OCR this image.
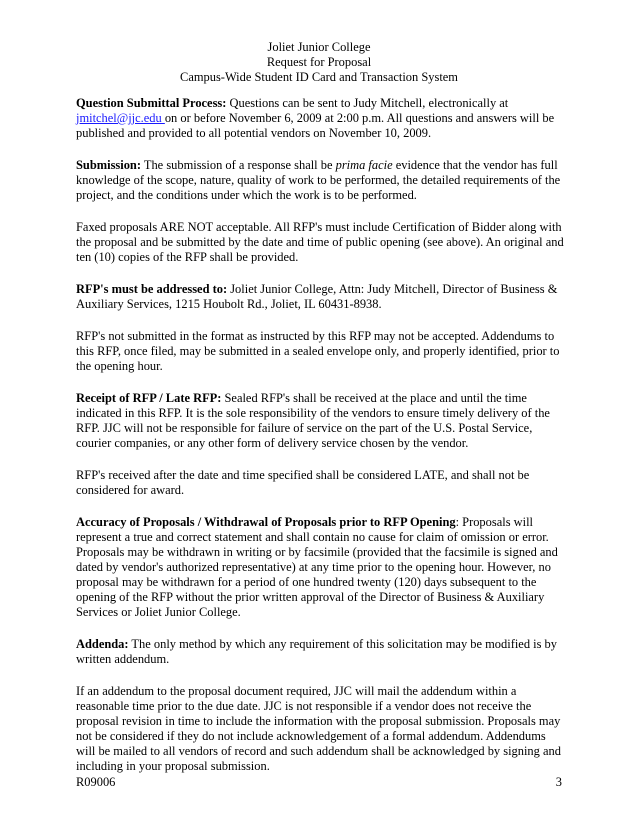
Joliet Junior College
Request for Proposal
Campus-Wide Student ID Card and Transaction System

Question Submittal Process: Questions can be sent to Judy Mitchell, electronically at jmitchel@jjc.edu on or before November 6, 2009 at 2:00 p.m. All questions and answers will be published and provided to all potential vendors on November 10, 2009.

Submission: The submission of a response shall be prima facie evidence that the vendor has full knowledge of the scope, nature, quality of work to be performed, the detailed requirements of the project, and the conditions under which the work is to be performed.

Faxed proposals ARE NOT acceptable. All RFP's must include Certification of Bidder along with the proposal and be submitted by the date and time of public opening (see above). An original and ten (10) copies of the RFP shall be provided.

RFP's must be addressed to: Joliet Junior College, Attn: Judy Mitchell, Director of Business & Auxiliary Services, 1215 Houbolt Rd., Joliet, IL 60431-8938.

RFP's not submitted in the format as instructed by this RFP may not be accepted. Addendums to this RFP, once filed, may be submitted in a sealed envelope only, and properly identified, prior to the opening hour.

Receipt of RFP / Late RFP: Sealed RFP's shall be received at the place and until the time indicated in this RFP. It is the sole responsibility of the vendors to ensure timely delivery of the RFP. JJC will not be responsible for failure of service on the part of the U.S. Postal Service, courier companies, or any other form of delivery service chosen by the vendor.

RFP's received after the date and time specified shall be considered LATE, and shall not be considered for award.

Accuracy of Proposals / Withdrawal of Proposals prior to RFP Opening: Proposals will represent a true and correct statement and shall contain no cause for claim of omission or error. Proposals may be withdrawn in writing or by facsimile (provided that the facsimile is signed and dated by vendor's authorized representative) at any time prior to the opening hour. However, no proposal may be withdrawn for a period of one hundred twenty (120) days subsequent to the opening of the RFP without the prior written approval of the Director of Business & Auxiliary Services or Joliet Junior College.

Addenda: The only method by which any requirement of this solicitation may be modified is by written addendum.

If an addendum to the proposal document required, JJC will mail the addendum within a reasonable time prior to the due date. JJC is not responsible if a vendor does not receive the proposal revision in time to include the information with the proposal submission. Proposals may not be considered if they do not include acknowledgement of a formal addendum. Addendums will be mailed to all vendors of record and such addendum shall be acknowledged by signing and including in your proposal submission.

R09006	3
